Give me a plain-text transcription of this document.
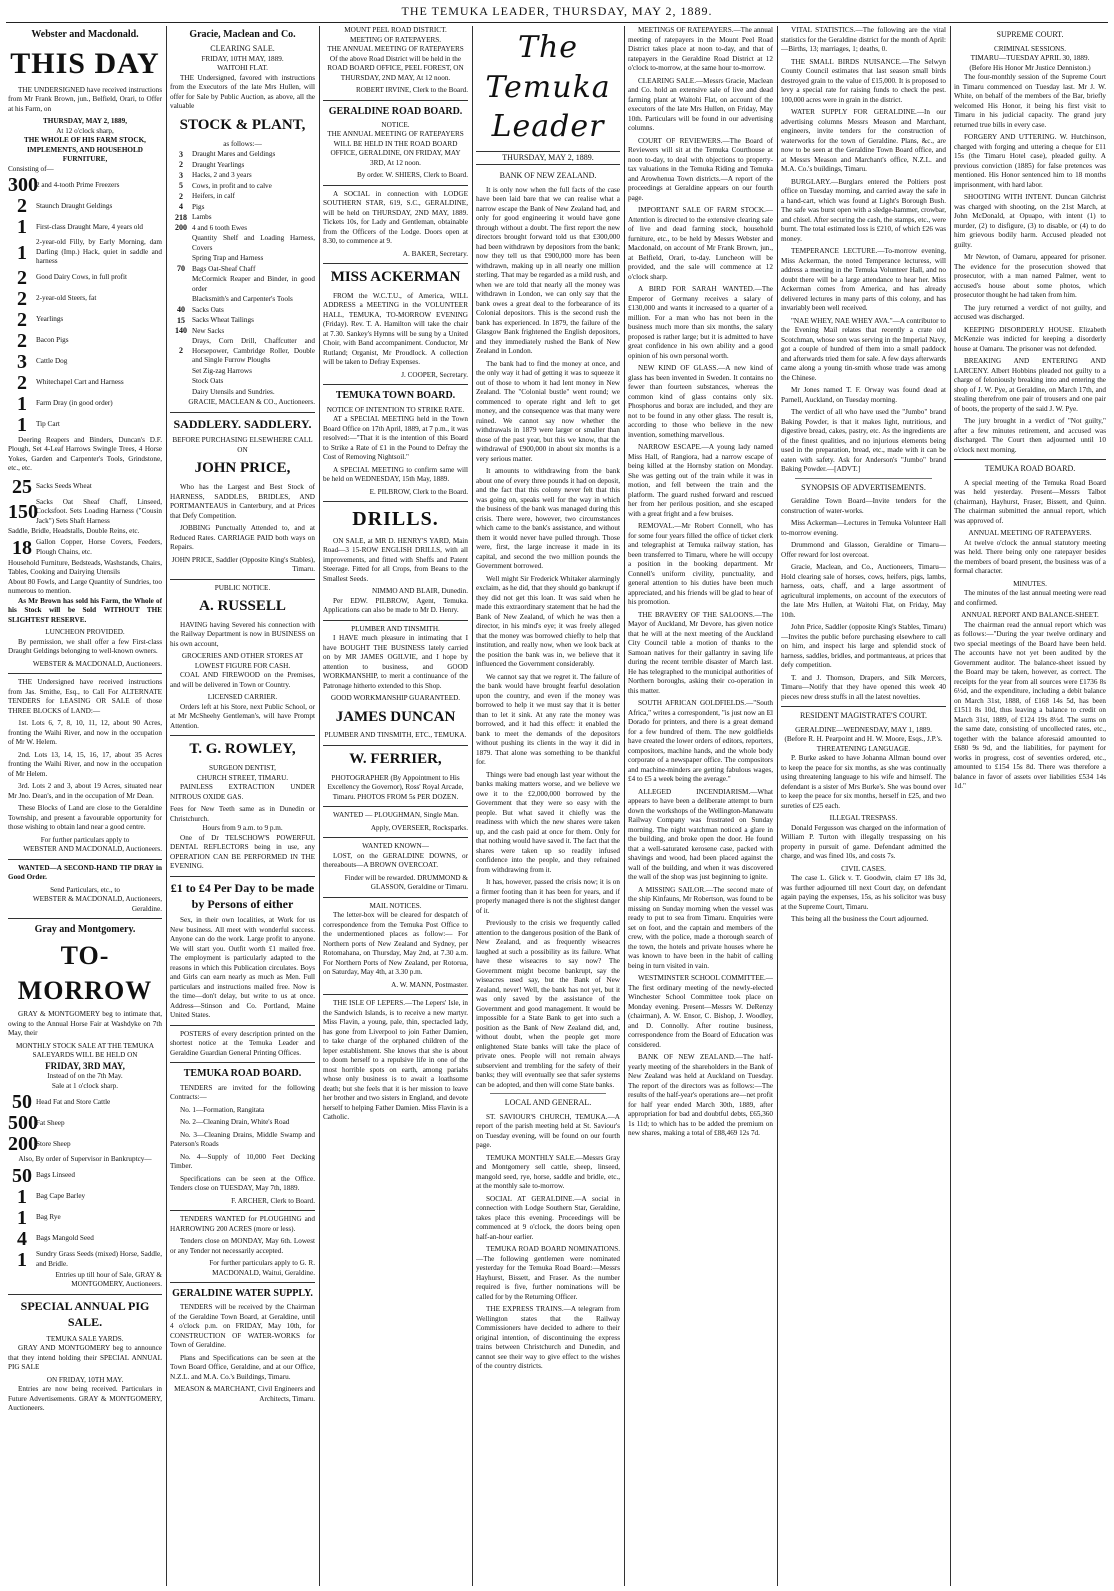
THE TEMUKA LEADER, THURSDAY, MAY 2, 1889.
Webster and Macdonald.
THIS DAY

THE UNDERSIGNED have received instructions from Mr Frank Brown, jun., Belfield, Orari, to Offer at his Farm, on

THURSDAY, MAY 2, 1889,
At 12 o'clock sharp,
THE WHOLE OF HIS FARM STOCK, IMPLEMENTS, AND HOUSEHOLD FURNITURE,
Consisting of—
300
2 and 4-tooth Prime Freezers
2	Staunch Draught Geldings
1	First-class Draught Mare, 4 years old
1	2-year-old Filly, by Early Morning, dam Darling (Imp.) Hack, quiet in saddle and harness
2	Good Dairy Cows, in full profit
2	2-year-old Steers, fat
2	Yearlings
2	Bacon Pigs
3	Cattle Dog
2	Whitechapel Cart and Harness
1	Farm Dray (in good order)
1	Tip Cart

Deering Reapers and Binders, Duncan's D.F. Plough, Set 4-Leaf Harrows Swingle Trees, 4 Horse Yokes, Garden and Carpenter's Tools, Grindstone, etc., etc.

25 Sacks Seeds Wheat
150
Sacks Oat Sheaf Chaff, Linseed, Cocksfoot. Sets Loading Harness ("Cousin Jack") Sets Shaft Harness
Saddle, Bridle, Headstalls, Double Reins, etc.
18 Gallon Copper, Horse Covers, Feeders, Plough Chains, etc.
Household Furniture, Bedsteads, Washstands, Chairs, Tables, Cooking and Dairying Utensils
About 80 Fowls, and Large Quantity of Sundries, too numerous to mention.

As Mr Brown has sold his Farm, the Whole of his Stock will be Sold WITHOUT THE SLIGHTEST RESERVE.

LUNCHEON PROVIDED.

By permission, we shall offer a few First-class Draught Geldings belonging to well-known owners.

WEBSTER & MACDONALD, Auctioneers.

THE Undersigned have received instructions from Jas. Smithe, Esq., to Call For ALTERNATE TENDERS for LEASING OR SALE of those THREE BLOCKS of LAND:—

1st. Lots 6, 7, 8, 10, 11, 12, about 90 Acres, fronting the Waihi River, and now in the occupation of Mr W. Helem.

2nd. Lots 13, 14, 15, 16, 17, about 35 Acres fronting the Waihi River, and now in the occupation of Mr Helem.

3rd. Lots 2 and 3, about 19 Acres, situated near Mr Jno. Dean's, and in the occupation of Mr Dean.

These Blocks of Land are close to the Geraldine Township, and present a favourable opportunity for those wishing to obtain land near a good centre.

For further particulars apply to
WEBSTER AND MACDONALD, Auctioneers.

WANTED—A SECOND-HAND TIP DRAY in Good Order.

Send Particulars, etc., to
WEBSTER & MACDONALD, Auctioneers, Geraldine.
Gray and Montgomery.
TO-MORROW

GRAY & MONTGOMERY beg to intimate that, owing to the Annual Horse Fair at Washdyke on 7th May, their

MONTHLY STOCK SALE AT THE TEMUKA SALEYARDS WILL BE HELD ON
FRIDAY, 3RD MAY,
Instead of on the 7th May.
Sale at 1 o'clock sharp.
50 Head Fat and Store Cattle
500
Fat Sheep
200
Store Sheep
Also, By order of Supervisor in Bankruptcy—
50 Bags Linseed
1	Bag Cape Barley
1	Bag Rye
4	Bags Mangold Seed
1	Sundry Grass Seeds (mixed) Horse, Saddle, and Bridle.
Entries up till hour of Sale, GRAY & MONTGOMERY, Auctioneers.
SPECIAL ANNUAL PIG SALE.
TEMUKA SALE YARDS.

GRAY AND MONTGOMERY beg to announce that they intend holding their SPECIAL ANNUAL PIG SALE

ON FRIDAY, 10TH MAY.

Entries are now being received. Particulars in Future Advertisements. GRAY & MONTGOMERY, Auctioneers.

Gracie, Maclean and Co.
CLEARING SALE.
FRIDAY, 10TH MAY, 1889.
WAITOHI FLAT.

THE Undersigned, favored with instructions from the Executors of the late Mrs Hullen, will offer for Sale by Public Auction, as above, all the valuable

STOCK & PLANT,
as follows:—
3	Draught Mares and Geldings
2	Draught Yearlings
3	Hacks, 2 and 3 years
5	Cows, in profit and to calve
2	Heifers, in calf
4	Pigs
218 Lambs
200 4 and 6 tooth Ewes
Quantity Shelf and Loading Harness, Covers
Spring Trap and Harness
70 Bags Oat-Sheaf Chaff
McCormick Reaper and Binder, in good order
Blacksmith's and Carpenter's Tools
40 Sacks Oats
15 Sacks Wheat Tailings
140 New Sacks
2
Drays, Corn Drill, Chaffcutter and Horsepower, Cambridge Roller, Double and Single Furrow Ploughs
Set Zig-zag Harrows
Stock Oats
Dairy Utensils and Sundries.
GRACIE, MACLEAN & CO., Auctioneers.
SADDLERY. SADDLERY.
BEFORE PURCHASING ELSEWHERE CALL ON
JOHN PRICE,

Who has the Largest and Best Stock of HARNESS, SADDLES, BRIDLES, AND PORTMANTEAUS in Canterbury, and at Prices that Defy Competition.

JOBBING Punctually Attended to, and at Reduced Rates. CARRIAGE PAID both ways on Repairs.

JOHN PRICE, Saddler (Opposite King's Stables), Timaru.
PUBLIC NOTICE.
A. RUSSELL

HAVING having Severed his connection with the Railway Department is now in BUSINESS on his own account,

GROCERIES AND OTHER STORES AT LOWEST FIGURE FOR CASH.

COAL AND FIREWOOD on the Premises, and will be delivered in Town or Country.

LICENSED CARRIER.

Orders left at his Store, next Public School, or at Mr McSheehy Gentleman's, will have Prompt Attention.

T. G. ROWLEY,
SURGEON DENTIST,
CHURCH STREET, TIMARU.

PAINLESS EXTRACTION UNDER NITROUS OXIDE GAS.

Fees for New Teeth same as in Dunedin or Christchurch.
Hours from 9 a.m. to 9 p.m.

One of Dr TELSCHOW'S POWERFUL DENTAL REFLECTORS being in use, any OPERATION CAN BE PERFORMED IN THE EVENING.

£1 to £4 Per Day to be made by Persons of either

Sex, in their own localities, at Work for us New business. All meet with wonderful success. Anyone can do the work. Large profit to anyone. We will start you. Outfit worth £1 mailed free. The employment is particularly adapted to the reasons in which this Publication circulates. Boys and Girls can earn nearly as much as Men. Full particulars and instructions mailed free. Now is the time—don't delay, but write to us at once. Address—Stinson and Co. Portland, Maine United States.

POSTERS of every description printed on the shortest notice at the Temuka Leader and Geraldine Guardian General Printing Offices.

TEMUKA ROAD BOARD.

TENDERS are invited for the following Contracts:—

No. 1—Formation, Rangitata

No. 2—Cleaning Drain, White's Road

No. 3—Cleaning Drains, Middle Swamp and Paterson's Roads

No. 4—Supply of 10,000 Feet Decking Timber.

Specifications can be seen at the Office. Tenders close on TUESDAY, May 7th, 1889.

F. ARCHER, Clerk to Board.

TENDERS WANTED for PLOUGHING and HARROWING 200 ACRES (more or less).

Tenders close on MONDAY, May 6th. Lowest or any Tender not necessarily accepted.

For further particulars apply to G. R. MACDONALD, Waitui, Geraldine.
GERALDINE WATER SUPPLY.

TENDERS will be received by the Chairman of the Geraldine Town Board, at Geraldine, until 4 o'clock p.m. on FRIDAY, May 10th, for CONSTRUCTION OF WATER-WORKS for Town of Geraldine.

Plans and Specifications can be seen at the Town Board Office, Geraldine, and at our Office, N.Z.L. and M.A. Co.'s Buildings, Timaru.

MEASON & MARCHANT, Civil Engineers and Architects, Timaru.
MOUNT PEEL ROAD DISTRICT.
MEETING OF RATEPAYERS.

THE ANNUAL MEETING OF RATEPAYERS Of the above Road District will be held in the ROAD BOARD OFFICE, PEEL FOREST, ON THURSDAY, 2ND MAY, At 12 noon.

ROBERT IRVINE, Clerk to the Board.
GERALDINE ROAD BOARD.
NOTICE.

THE ANNUAL MEETING OF RATEPAYERS WILL BE HELD IN THE ROAD BOARD OFFICE, GERALDINE, ON FRIDAY, MAY 3RD, At 12 noon.

By order. W. SHIERS, Clerk to Board.

A SOCIAL in connection with LODGE SOUTHERN STAR, 619, S.C., GERALDINE, will be held on THURSDAY, 2ND MAY, 1889. Tickets 10s, for Lady and Gentleman, obtainable from the Officers of the Lodge. Doors open at 8.30, to commence at 9.

A. BAKER, Secretary.
MISS ACKERMAN

FROM the W.C.T.U., of America, WILL ADDRESS a MEETING in the VOLUNTEER HALL, TEMUKA, TO-MORROW EVENING (Friday). Rev. T. A. Hamilton will take the chair at 7.30. Sankey's Hymns will be sung by a United Choir, with Band accompaniment. Conductor, Mr Rutland; Organist, Mr Proudlock. A collection will be taken to Defray Expenses.

J. COOPER, Secretary.
TEMUKA TOWN BOARD.
NOTICE OF INTENTION TO STRIKE RATE.

AT a SPECIAL MEETING held in the Town Board Office on 17th April, 1889, at 7 p.m., it was resolved:—"That it is the intention of this Board to Strike a Rate of £1 in the Pound to Defray the Cost of Removing Nightsoil."

A SPECIAL MEETING to confirm same will be held on WEDNESDAY, 15th May, 1889.

E. PILBROW, Clerk to the Board.
DRILLS.

ON SALE, at MR D. HENRY'S YARD, Main Road—3 15-ROW ENGLISH DRILLS, with all improvements, and fitted with Sheffs and Patent Steerage. Fitted for all Crops, from Beans to the Smallest Seeds.

NIMMO AND BLAIR, Dunedin.

Per EDW. PILBROW, Agent, Temuka. Applications can also be made to Mr D. Henry.

PLUMBER AND TINSMITH.

I HAVE much pleasure in intimating that I have BOUGHT THE BUSINESS lately carried on by MR JAMES OGILVIE, and I hope by attention to business, and GOOD WORKMANSHIP, to merit a continuance of the Patronage hitherto extended to this Shop.

GOOD WORKMANSHIP GUARANTEED.
JAMES DUNCAN
PLUMBER AND TINSMITH, ETC., TEMUKA.
W. FERRIER,

PHOTOGRAPHER (By Appointment to His Excellency the Governor), Ross' Royal Arcade, Timaru. PHOTOS FROM 5s PER DOZEN.

WANTED — PLOUGHMAN, Single Man.

Apply, OVERSEER, Rocksparks.
WANTED KNOWN—

LOST, on the GERALDINE DOWNS, or thereabouts—A BROWN OVERCOAT.

Finder will be rewarded. DRUMMOND & GLASSON, Geraldine or Timaru.
MAIL NOTICES.

The letter-box will be cleared for despatch of correspondence from the Temuka Post Office to the undermentioned places as follow:— For Northern ports of New Zealand and Sydney, per Rotomahana, on Thursday, May 2nd, at 7.30 a.m. For Northern Ports of New Zealand, per Rotorua, on Saturday, May 4th, at 3.30 p.m.

A. W. MANN, Postmaster.

THE ISLE OF LEPERS.—The Lepers' Isle, in the Sandwich Islands, is to receive a new martyr. Miss Flavin, a young, pale, thin, spectacled lady, has gone from Liverpool to join Father Damien, to take charge of the orphaned children of the leper establishment. She knows that she is about to doom herself to a repulsive life in one of the most horrible spots on earth, among pariahs whose only business is to await a loathsome death; but she feels that it is her mission to leave her brother and two sisters in England, and devote herself to helping Father Damien. Miss Flavin is a Catholic.

The Temuka Leader
THURSDAY, MAY 2, 1889.
BANK OF NEW ZEALAND.

It is only now when the full facts of the case have been laid bare that we can realise what a narrow escape the Bank of New Zealand had, and only for good engineering it would have gone through without a doubt. The first report the new directors brought forward told us that £300,000 had been withdrawn by depositors from the bank; now they tell us that £900,000 more has been withdrawn, making up in all nearly one million sterling. That may be regarded as a mild rush, and when we are told that nearly all the money was withdrawn in London, we can only say that the bank owes a great deal to the forbearance of its Colonial depositors. This is the second rush the bank has experienced. In 1879, the failure of the Glasgow Bank frightened the English depositors, and they immediately rushed the Bank of New Zealand in London.

The bank had to find the money at once, and the only way it had of getting it was to squeeze it out of those to whom it had lent money in New Zealand. The "Colonial bustle" went round; we commenced to operate right and left to get money, and the consequence was that many were ruined. We cannot say now whether the withdrawals in 1879 were larger or smaller than those of the past year, but this we know, that the withdrawal of £900,000 in about six months is a very serious matter.

It amounts to withdrawing from the bank about one of every three pounds it had on deposit, and the fact that this colony never felt that this was going on, speaks well for the way in which the business of the bank was managed during this crisis. There were, however, two circumstances which came to the bank's assistance, and without them it would never have pulled through. Those were, first, the large increase it made in its capital, and second the two million pounds the Government borrowed.

Well might Sir Frederick Whitaker alarmingly exclaim, as he did, that they should go bankrupt if they did not get this loan. It was said when he made this extraordinary statement that he had the Bank of New Zealand, of which he was then a director, in his mind's eye; it was freely alleged that the money was borrowed chiefly to help that institution, and really now, when we look back at the position the bank was in, we believe that it influenced the Government considerably.

We cannot say that we regret it. The failure of the bank would have brought fearful desolation upon the country, and even if the money was borrowed to help it we must say that it is better than to let it sink. At any rate the money was borrowed, and it had this effect: it enabled the bank to meet the demands of the depositors without pushing its clients in the way it did in 1879. That alone was something to be thankful for.

Things were bad enough last year without the banks making matters worse, and we believe we owe it to the £2,000,000 borrowed by the Government that they were so easy with the people. But what saved it chiefly was the readiness with which the new shares were taken up, and the cash paid at once for them. Only for that nothing would have saved it. The fact that the shares were taken up so readily infused confidence into the people, and they refrained from withdrawing from it.

It has, however, passed the crisis now; it is on a firmer footing than it has been for years, and if properly managed there is not the slightest danger of it.

Previously to the crisis we frequently called attention to the dangerous position of the Bank of New Zealand, and as frequently wiseacres laughed at such a possibility as its failure. What have these wiseacres to say now? The Government might become bankrupt, say the wiseacres used say, but the Bank of New Zealand, never! Well, the bank has not yet, but it was only saved by the assistance of the Government and good management. It would be impossible for a State Bank to get into such a position as the Bank of New Zealand did, and, without doubt, when the people get more enlightened State banks will take the place of private ones. People will not remain always subservient and trembling for the safety of their banks; they will eventually see that safer systems can be adopted, and then will come State banks.

LOCAL AND GENERAL.

ST. SAVIOUR'S CHURCH, TEMUKA.—A report of the parish meeting held at St. Saviour's on Tuesday evening, will be found on our fourth page.

TEMUKA MONTHLY SALE.—Messrs Gray and Montgomery sell cattle, sheep, linseed, mangold seed, rye, horse, saddle and bridle, etc., at the monthly sale to-morrow.

SOCIAL AT GERALDINE.—A social in connection with Lodge Southern Star, Geraldine, takes place this evening. Proceedings will be commenced at 9 o'clock, the doors being open half-an-hour earlier.

TEMUKA ROAD BOARD NOMINATIONS.—The following gentlemen were nominated yesterday for the Temuka Road Board:—Messrs Hayhurst, Bissett, and Fraser. As the number required is five, further nominations will be called for by the Returning Officer.

THE EXPRESS TRAINS.—A telegram from Wellington states that the Railway Commissioners have decided to adhere to their original intention, of discontinuing the express trains between Christchurch and Dunedin, and cannot see their way to give effect to the wishes of the country districts.

MEETINGS OF RATEPAYERS.—The annual meeting of ratepayers in the Mount Peel Road District takes place at noon to-day, and that of ratepayers in the Geraldine Road District at 12 o'clock to-morrow, at the same hour to-morrow.

CLEARING SALE.—Messrs Gracie, Maclean and Co. hold an extensive sale of live and dead farming plant at Waitohi Flat, on account of the executors of the late Mrs Hullen, on Friday, May 10th. Particulars will be found in our advertising columns.

COURT OF REVIEWERS.—The Board of Reviewers will sit at the Temuka Courthouse at noon to-day, to deal with objections to property-tax valuations in the Temuka Riding and Temuka and Arowhenua Town districts.—A report of the proceedings at Geraldine appears on our fourth page.

IMPORTANT SALE OF FARM STOCK.—Attention is directed to the extensive clearing sale of live and dead farming stock, household furniture, etc., to be held by Messrs Webster and Macdonald, on account of Mr Frank Brown, jun., at Belfield, Orari, to-day. Luncheon will be provided, and the sale will commence at 12 o'clock sharp.

A BIRD FOR SARAH WANTED.—The Emperor of Germany receives a salary of £130,000 and wants it increased to a quarter of a million. For a man who has not been in the business much more than six months, the salary proposed is rather large; but it is admitted to have great confidence in his own ability and a good opinion of his own personal worth.

NEW KIND OF GLASS.—A new kind of glass has been invented in Sweden. It contains no fewer than fourteen substances, whereas the common kind of glass contains only six. Phosphorus and borax are included, and they are not to be found in any other glass. The result is, according to those who believe in the new invention, something marvellous.

NARROW ESCAPE.—A young lady named Miss Hall, of Rangiora, had a narrow escape of being killed at the Hornsby station on Monday. She was getting out of the train while it was in motion, and fell between the train and the platform. The guard rushed forward and rescued her from her perilous position, and she escaped with a great fright and a few bruises.

REMOVAL.—Mr Robert Connell, who has for some four years filled the office of ticket clerk and telegraphist at Temuka railway station, has been transferred to Timaru, where he will occupy a position in the booking department. Mr Connell's uniform civility, punctuality, and general attention to his duties have been much appreciated, and his friends will be glad to hear of his promotion.

THE BRAVERY OF THE SALOONS.—The Mayor of Auckland, Mr Devore, has given notice that he will at the next meeting of the Auckland City Council table a motion of thanks to the Samoan natives for their gallantry in saving life during the recent terrible disaster of March last. He has telegraphed to the municipal authorities of Northern boroughs, asking their co-operation in this matter.

SOUTH AFRICAN GOLDFIELDS.—"South Africa," writes a correspondent, "is just now an El Dorado for printers, and there is a great demand for a few hundred of them. The new goldfields have created the lower orders of editors, reporters, compositors, machine hands, and the whole body corporate of a newspaper office. The compositors and machine-minders are getting fabulous wages, £4 to £5 a week being the average."

ALLEGED INCENDIARISM.—What appears to have been a deliberate attempt to burn down the workshops of the Wellington-Manawatu Railway Company was frustrated on Sunday morning. The night watchman noticed a glare in the building, and broke open the door. He found that a well-saturated kerosene case, packed with shavings and wood, had been placed against the wall of the building, and when it was discovered the wall of the shop was just beginning to ignite.

A MISSING SAILOR.—The second mate of the ship Kinfauns, Mr Robertson, was found to be missing on Sunday morning when the vessel was ready to put to sea from Timaru. Enquiries were set on foot, and the captain and members of the crew, with the police, made a thorough search of the town, the hotels and private houses where he was known to have been in the habit of calling being in turn visited in vain.

WESTMINSTER SCHOOL COMMITTEE.—The first ordinary meeting of the newly-elected Winchester School Committee took place on Monday evening. Present—Messrs W. DeRenzy (chairman), A. W. Ensor, C. Bishop, J. Woodley, and D. Connolly. After routine business, correspondence from the Board of Education was considered.

BANK OF NEW ZEALAND.—The half-yearly meeting of the shareholders in the Bank of New Zealand was held at Auckland on Tuesday. The report of the directors was as follows:—The results of the half-year's operations are—net profit for half year ended March 30th, 1889, after appropriation for bad and doubtful debts, £65,360 1s 11d; to which has to be added the premium on new shares, making a total of £88,469 12s 7d.

VITAL STATISTICS.—The following are the vital statistics for the Geraldine district for the month of April:—Births, 13; marriages, 1; deaths, 0.

THE SMALL BIRDS NUISANCE.—The Selwyn County Council estimates that last season small birds destroyed grain to the value of £15,000. It is proposed to levy a special rate for raising funds to check the pest. 100,000 acres were in grain in the district.

WATER SUPPLY FOR GERALDINE.—In our advertising columns Messrs Meason and Marchant, engineers, invite tenders for the construction of waterworks for the town of Geraldine. Plans, &c., are now to be seen at the Geraldine Town Board office, and at Messrs Meason and Marchant's office, N.Z.L. and M.A. Co.'s buildings, Timaru.

BURGLARY.—Burglars entered the Poltiers post office on Tuesday morning, and carried away the safe in a hand-cart, which was found at Light's Borough Bush. The safe was burst open with a sledge-hammer, crowbar, and chisel. After securing the cash, the stamps, etc., were burnt. The total estimated loss is £210, of which £26 was money.

TEMPERANCE LECTURE.—To-morrow evening, Miss Ackerman, the noted Temperance lecturess, will address a meeting in the Temuka Volunteer Hall, and no doubt there will be a large attendance to hear her. Miss Ackerman comes from America, and has already delivered lectures in many parts of this colony, and has invariably been well received.

"NAE WHEY, NAE WHEY AVA."—A contributor to the Evening Mail relates that recently a crate old Scotchman, whose son was serving in the Imperial Navy, got a couple of hundred of them into a small paddock and afterwards tried them for sale. A few days afterwards came along a young tin-smith whose trade was among the Chinese.

Mr Jones named T. F. Orway was found dead at Parnell, Auckland, on Tuesday morning.

The verdict of all who have used the "Jumbo" brand Baking Powder, is that it makes light, nutritious, and digestive bread, cakes, pastry, etc. As the ingredients are of the finest qualities, and no injurious elements being used in the preparation, bread, etc., made with it can be eaten with safety. Ask for Anderson's "Jumbo" brand Baking Powder.—[ADVT.]

SYNOPSIS OF ADVERTISEMENTS.

Geraldine Town Board—Invite tenders for the construction of water-works.

Miss Ackerman—Lectures in Temuka Volunteer Hall to-morrow evening.

Drummond and Glasson, Geraldine or Timaru—Offer reward for lost overcoat.

Gracie, Maclean, and Co., Auctioneers, Timaru—Hold clearing sale of horses, cows, heifers, pigs, lambs, harness, oats, chaff, and a large assortment of agricultural implements, on account of the executors of the late Mrs Hullen, at Waitohi Flat, on Friday, May 10th.

John Price, Saddler (opposite King's Stables, Timaru)—Invites the public before purchasing elsewhere to call on him, and inspect his large and splendid stock of harness, saddles, bridles, and portmanteaus, at prices that defy competition.

T. and J. Thomson, Drapers, and Silk Mercers, Timaru—Notify that they have opened this week 40 pieces new dress stuffs in all the latest novelties.

RESIDENT MAGISTRATE'S COURT.
GERALDINE—WEDNESDAY, MAY 1, 1889.
(Before R. H. Pearpoint and H. W. Moore, Esqs., J.P.'s.
THREATENING LANGUAGE.

P. Burke asked to have Johanna Allman bound over to keep the peace for six months, as she was continually using threatening language to his wife and himself. The defendant is a sister of Mrs Burke's. She was bound over to keep the peace for six months, herself in £25, and two sureties of £25 each.

ILLEGAL TRESPASS.

Donald Fergusson was charged on the information of William P. Turton with illegally trespassing on his property in pursuit of game. Defendant admitted the charge, and was fined 10s, and costs 7s.

CIVIL CASES.

The case L. Glick v. T. Goodwin, claim £7 18s 3d, was further adjourned till next Court day, on defendant again paying the expenses, 15s, as his solicitor was busy at the Supreme Court, Timaru.

This being all the business the Court adjourned.

SUPREME COURT.
CRIMINAL SESSIONS.
TIMARU—TUESDAY APRIL 30, 1889.
(Before His Honor Mr Justice Denniston.)

The four-monthly session of the Supreme Court in Timaru commenced on Tuesday last. Mr J. W. White, on behalf of the members of the Bar, briefly welcomed His Honor, it being his first visit to Timaru in his judicial capacity. The grand jury returned true bills in every case.

FORGERY AND UTTERING. W. Hutchinson, charged with forging and uttering a cheque for £11 15s (the Timaru Hotel case), pleaded guilty. A previous conviction (1885) for false pretences was mentioned. His Honor sentenced him to 18 months imprisonment, with hard labor.

SHOOTING WITH INTENT. Duncan Gilchrist was charged with shooting, on the 21st March, at John McDonald, at Opuapo, with intent (1) to murder, (2) to disfigure, (3) to disable, or (4) to do him grievous bodily harm. Accused pleaded not guilty.

Mr Newton, of Oamaru, appeared for prisoner. The evidence for the prosecution showed that prosecutor, with a man named Palmer, went to accused's house about some photos, which prosecutor thought he had taken from him.

The jury returned a verdict of not guilty, and accused was discharged.

KEEPING DISORDERLY HOUSE. Elizabeth McKenzie was indicted for keeping a disorderly house at Oamaru. The prisoner was not defended.

BREAKING AND ENTERING AND LARCENY. Albert Hobbins pleaded not guilty to a charge of feloniously breaking into and entering the shop of J. W. Pye, at Geraldine, on March 17th, and stealing therefrom one pair of trousers and one pair of boots, the property of the said J. W. Pye.

The jury brought in a verdict of "Not guilty," after a few minutes retirement, and accused was discharged. The Court then adjourned until 10 o'clock next morning.

TEMUKA ROAD BOARD.

A special meeting of the Temuka Road Board was held yesterday. Present—Messrs Talbot (chairman), Hayhurst, Fraser, Bissett, and Quinn. The chairman submitted the annual report, which was approved of.

ANNUAL MEETING OF RATEPAYERS.

At twelve o'clock the annual statutory meeting was held. There being only one ratepayer besides the members of board present, the business was of a formal character.

MINUTES.

The minutes of the last annual meeting were read and confirmed.

ANNUAL REPORT AND BALANCE-SHEET.

The chairman read the annual report which was as follows:—"During the year twelve ordinary and two special meetings of the Board have been held. The accounts have not yet been audited by the Government auditor. The balance-sheet issued by the Board may be taken, however, as correct. The receipts for the year from all sources were £1736 8s 6½d, and the expenditure, including a debit balance on March 31st, 1888, of £168 14s 5d, has been £1511 8s 10d, thus leaving a balance to credit on March 31st, 1889, of £124 19s 8½d. The sums on the same date, consisting of uncollected rates, etc., together with the balance aforesaid amounted to £680 9s 9d, and the liabilities, for payment for works in progress, cost of seventies ordered, etc., amounted to £154 15s 8d. There was therefore a balance in favor of assets over liabilities £534 14s 1d."
